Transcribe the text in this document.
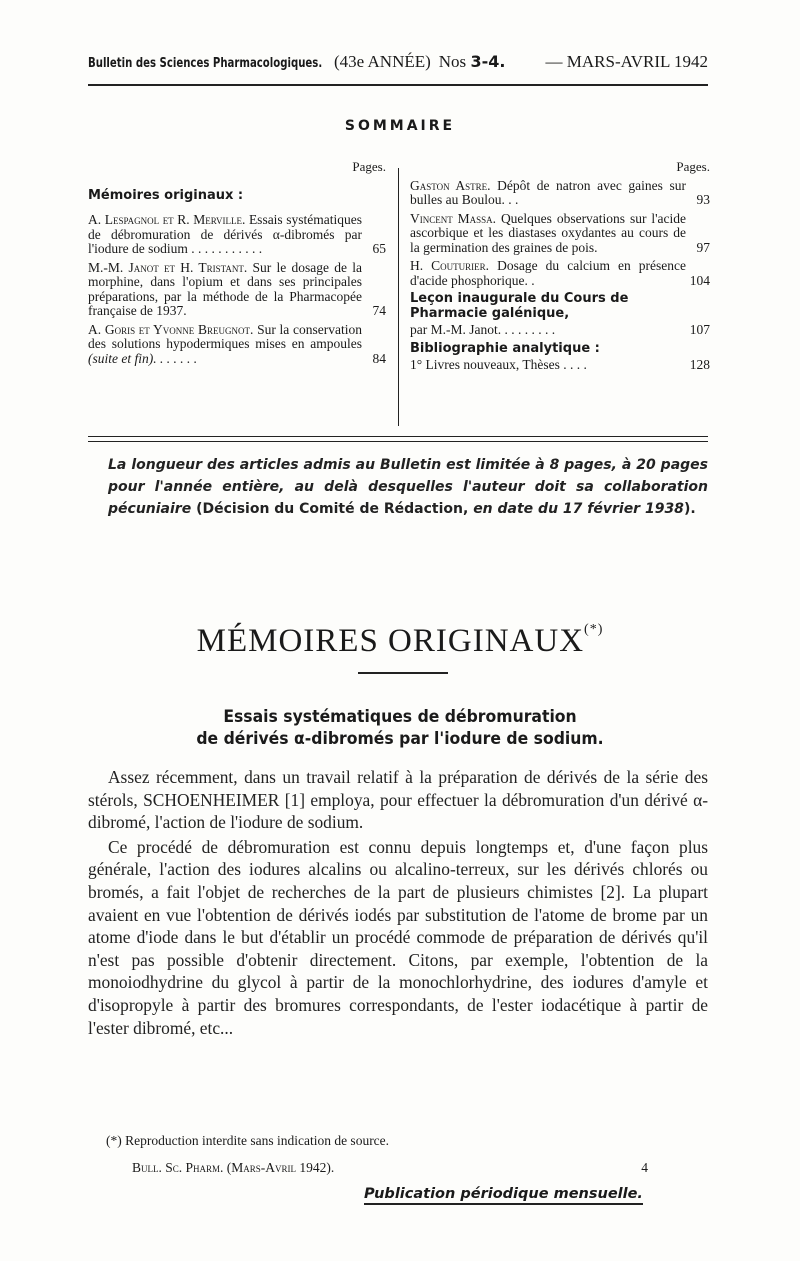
Bulletin des Sciences Pharmacologiques. (43e ANNÉE) Nos 3-4. — MARS-AVRIL 1942
SOMMAIRE
Pages.
Mémoires originaux :
A. Lespagnol et R. Merville. Essais systématiques de débromuration de dérivés α-dibromés par l'iodure de sodium . . . . . . . . . . .	65
M.-M. Janot et H. Tristant. Sur le dosage de la morphine, dans l'opium et dans ses principales préparations, par la méthode de la Pharmacopée française de 1937.	74
A. Goris et Yvonne Breugnot. Sur la conservation des solutions hypodermiques mises en ampoules (suite et fin). . . . . . .	84
Pages.
Gaston Astre. Dépôt de natron avec gaines sur bulles au Boulou. . .	93
Vincent Massa. Quelques observations sur l'acide ascorbique et les diastases oxydantes au cours de la germination des graines de pois.	97
H. Couturier. Dosage du calcium en présence d'acide phosphorique. .	104
Leçon inaugurale du Cours de Pharmacie galénique,
par M.-M. Janot. . . . . . . . .	107
Bibliographie analytique :
1° Livres nouveaux, Thèses . . . .	128
La longueur des articles admis au Bulletin est limitée à 8 pages, à 20 pages pour l'année entière, au delà desquelles l'auteur doit sa collaboration pécuniaire (Décision du Comité de Rédaction, en date du 17 février 1938).
MÉMOIRES ORIGINAUX(*)
Essais systématiques de débromuration
de dérivés α-dibromés par l'iodure de sodium.

Assez récemment, dans un travail relatif à la préparation de dérivés de la série des stérols, SCHOENHEIMER [1] employa, pour effectuer la débromuration d'un dérivé α-dibromé, l'action de l'iodure de sodium.

Ce procédé de débromuration est connu depuis longtemps et, d'une façon plus générale, l'action des iodures alcalins ou alcalino-terreux, sur les dérivés chlorés ou bromés, a fait l'objet de recherches de la part de plusieurs chimistes [2]. La plupart avaient en vue l'obtention de dérivés iodés par substitution de l'atome de brome par un atome d'iode dans le but d'établir un procédé commode de préparation de dérivés qu'il n'est pas possible d'obtenir directement. Citons, par exemple, l'obtention de la monoiodhydrine du glycol à partir de la monochlorhydrine, des iodures d'amyle et d'isopropyle à partir des bromures correspondants, de l'ester iodacétique à partir de l'ester dibromé, etc...

(*) Reproduction interdite sans indication de source.
Bull. Sc. Pharm. (Mars-Avril 1942).	4
Publication périodique mensuelle.
